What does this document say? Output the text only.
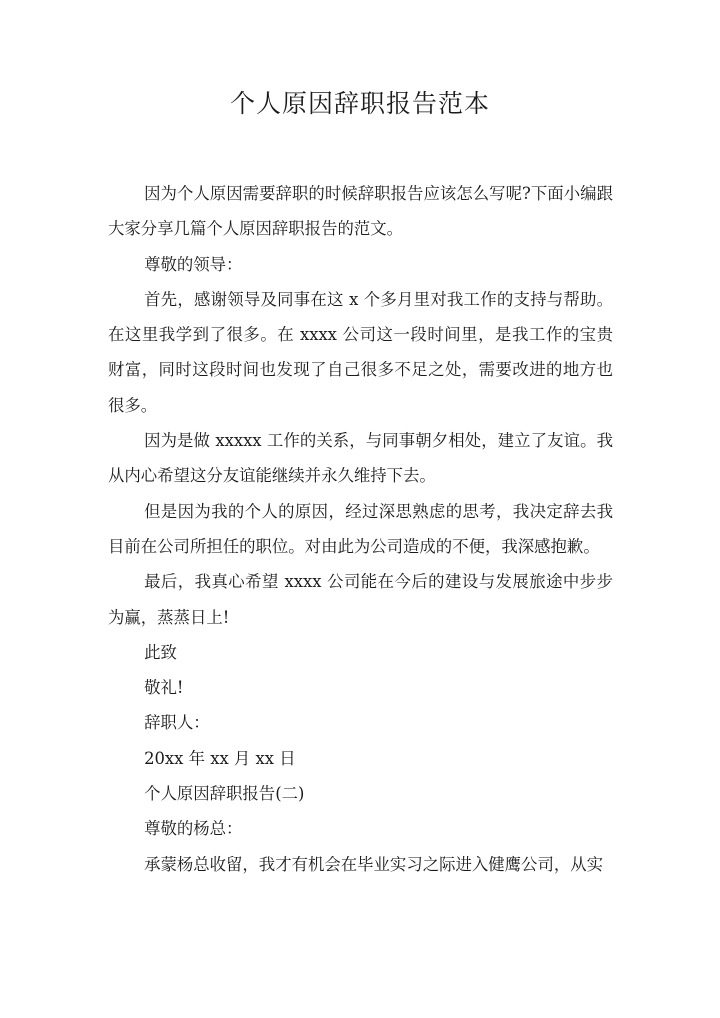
个人原因辞职报告范本

因为个人原因需要辞职的时候辞职报告应该怎么写呢?下面小编跟大家分享几篇个人原因辞职报告的范文。

尊敬的领导：

首先，感谢领导及同事在这 x 个多月里对我工作的支持与帮助。在这里我学到了很多。在 xxxx 公司这一段时间里，是我工作的宝贵财富，同时这段时间也发现了自己很多不足之处，需要改进的地方也很多。

因为是做 xxxxx 工作的关系，与同事朝夕相处，建立了友谊。我从内心希望这分友谊能继续并永久维持下去。

但是因为我的个人的原因，经过深思熟虑的思考，我决定辞去我目前在公司所担任的职位。对由此为公司造成的不便，我深感抱歉。

最后，我真心希望 xxxx 公司能在今后的建设与发展旅途中步步为赢，蒸蒸日上!

此致

敬礼!

辞职人：

20xx 年 xx 月 xx 日

个人原因辞职报告(二)

尊敬的杨总：

承蒙杨总收留，我才有机会在毕业实习之际进入健鹰公司，从实
